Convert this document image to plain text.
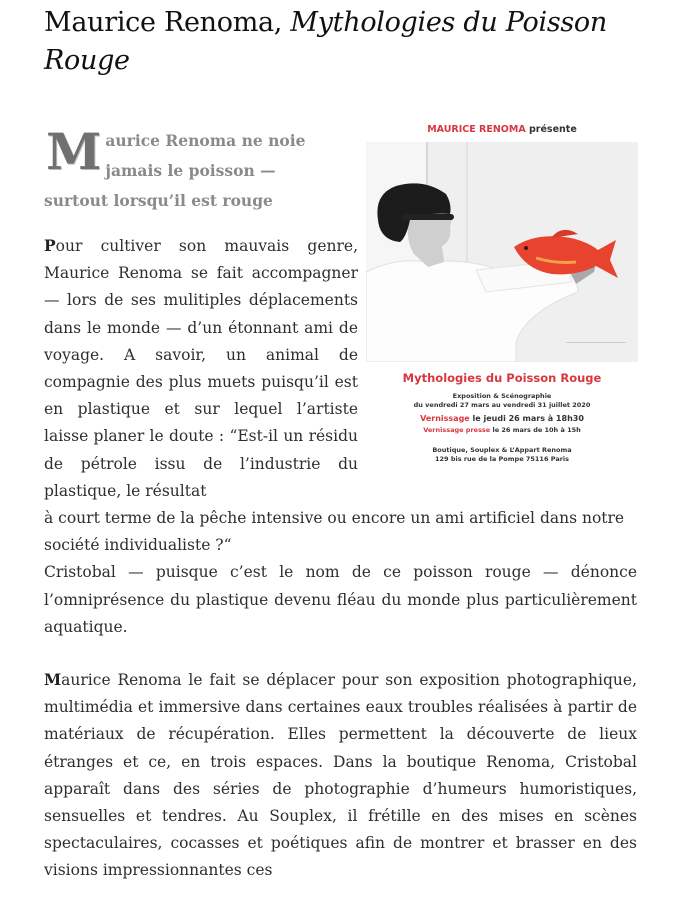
Maurice Renoma, Mythologies du Poisson Rouge
Maurice Renoma ne noie jamais le poisson — surtout lorsqu’il est rouge
MAURICE RENOMA présente
Mythologies du Poisson Rouge
Exposition & Scénographie
du vendredi 27 mars au vendredi 31 juillet 2020
Vernissage le jeudi 26 mars à 18h30
Vernissage presse le 26 mars de 10h à 15h
Boutique, Souplex & L’Appart Renoma
129 bis rue de la Pompe 75116 Paris
Pour cultiver son mauvais genre, Maurice Renoma se fait accompagner — lors de ses mulitiples déplacements dans le monde — d’un étonnant ami de voyage. A savoir, un animal de compagnie des plus muets puisqu’il est en plastique et sur lequel l’artiste laisse planer le doute : “Est-il un résidu de pétrole issu de l’industrie du plastique, le résultat
à court terme de la pêche intensive ou encore un ami artificiel dans notre société individualiste ?“
Cristobal — puisque c’est le nom de ce poisson rouge — dénonce l’omniprésence du plastique devenu fléau du monde plus particulièrement aquatique.
Maurice Renoma le fait se déplacer pour son exposition photographique, multimédia et immersive dans certaines eaux troubles réalisées à partir de matériaux de récupération. Elles permettent la découverte de lieux étranges et ce, en trois espaces. Dans la boutique Renoma, Cristobal apparaît dans des séries de photographie d’humeurs humoristiques, sensuelles et tendres. Au Souplex, il frétille en des mises en scènes spectaculaires, cocasses et poétiques afin de montrer et brasser en des visions impressionnantes ces
